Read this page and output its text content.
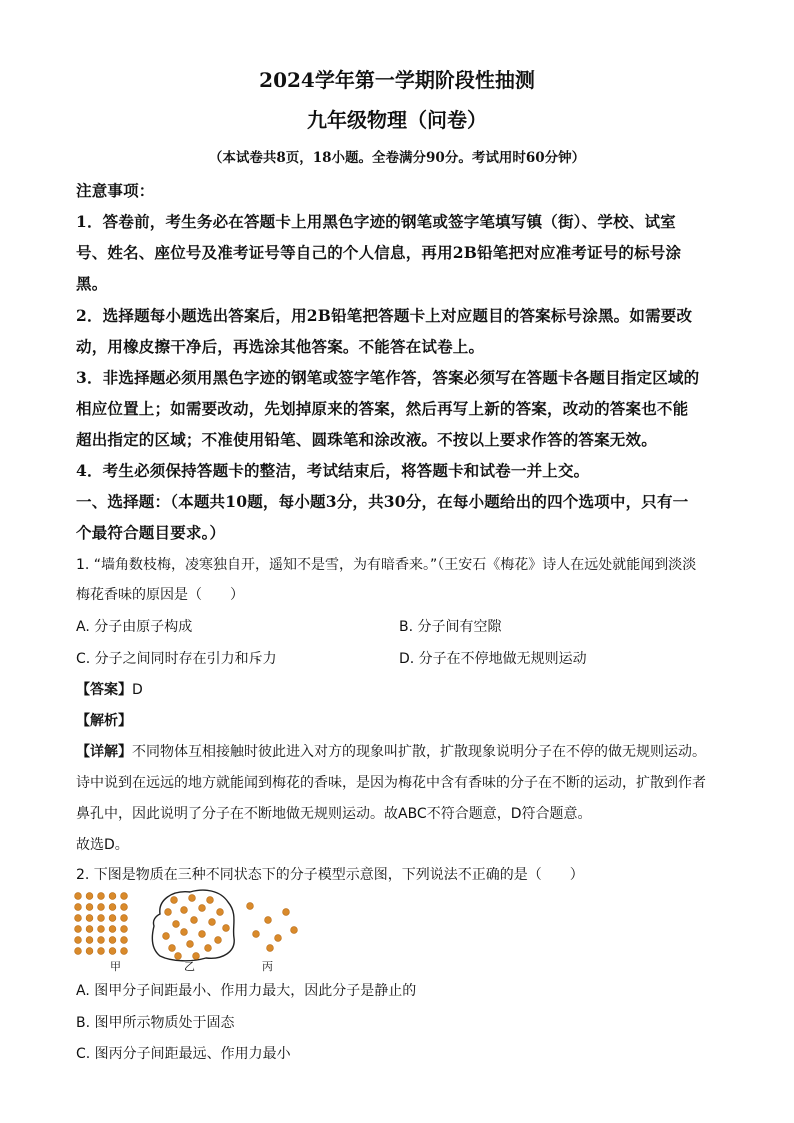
2024学年第一学期阶段性抽测
九年级物理（问卷）
（本试卷共8页，18小题。全卷满分90分。考试用时60分钟）
注意事项：
1．答卷前，考生务必在答题卡上用黑色字迹的钢笔或签字笔填写镇（街）、学校、试室
号、姓名、座位号及准考证号等自己的个人信息，再用2B铅笔把对应准考证号的标号涂
黑。
2．选择题每小题选出答案后，用2B铅笔把答题卡上对应题目的答案标号涂黑。如需要改
动，用橡皮擦干净后，再选涂其他答案。不能答在试卷上。
3．非选择题必须用黑色字迹的钢笔或签字笔作答，答案必须写在答题卡各题目指定区域的
相应位置上；如需要改动，先划掉原来的答案，然后再写上新的答案，改动的答案也不能
超出指定的区域；不准使用铅笔、圆珠笔和涂改液。不按以上要求作答的答案无效。
4．考生必须保持答题卡的整洁，考试结束后，将答题卡和试卷一并上交。
一、选择题：（本题共10题，每小题3分，共30分，在每小题给出的四个选项中，只有一
个最符合题目要求。）
1. “墙角数枝梅，凌寒独自开，遥知不是雪，为有暗香来。”（王安石《梅花》诗人在远处就能闻到淡淡
梅花香味的原因是（　　）
A. 分子由原子构成	B. 分子间有空隙
C. 分子之间同时存在引力和斥力	D. 分子在不停地做无规则运动
【答案】D
【解析】
【详解】不同物体互相接触时彼此进入对方的现象叫扩散，扩散现象说明分子在不停的做无规则运动。
诗中说到在远远的地方就能闻到梅花的香味，是因为梅花中含有香味的分子在不断的运动，扩散到作者
鼻孔中，因此说明了分子在不断地做无规则运动。故ABC不符合题意，D符合题意。
故选D。
2. 下图是物质在三种不同状态下的分子模型示意图，下列说法不正确的是（　　）
甲	乙	丙
A. 图甲分子间距最小、作用力最大，因此分子是静止的
B. 图甲所示物质处于固态
C. 图丙分子间距最远、作用力最小
